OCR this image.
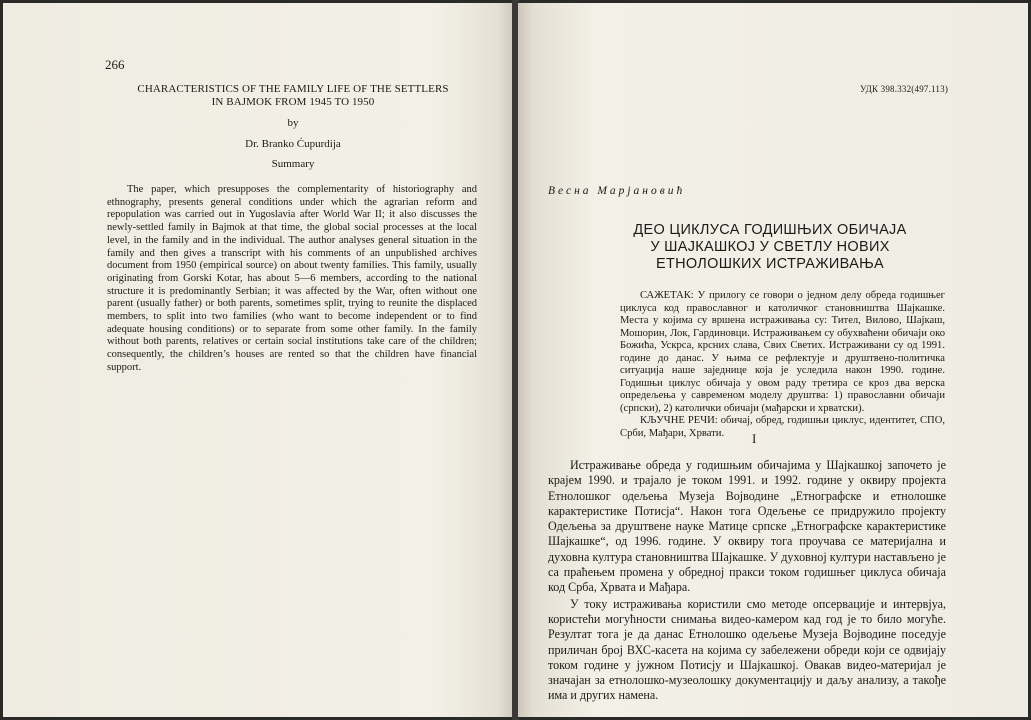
266
CHARACTERISTICS OF THE FAMILY LIFE OF THE SETTLERS
IN BAJMOK FROM 1945 TO 1950
by
Dr. Branko Ćupurdija
Summary

The paper, which presupposes the complementarity of historiography and ethnography, presents general conditions under which the agrarian reform and repopulation was carried out in Yugoslavia after World War II; it also discusses the newly-settled family in Bajmok at that time, the global social processes at the local level, in the family and in the individual. The author analyses general situation in the family and then gives a transcript with his comments of an unpublished archives document from 1950 (empirical source) on about twenty families. This family, usually originating from Gorski Kotar, has about 5—6 members, according to the national structure it is predominantly Serbian; it was affected by the War, often without one parent (usually father) or both parents, sometimes split, trying to reunite the displaced members, to split into two families (who want to become independent or to find adequate housing conditions) or to separate from some other family. In the family without both parents, relatives or certain social institutions take care of the children; consequently, the children’s houses are rented so that the children have financial support.

УДК 398.332(497.113)
Весна Марјановић
ДЕО ЦИКЛУСА ГОДИШЊИХ ОБИЧАЈА
У ШАЈКАШКОЈ У СВЕТЛУ НОВИХ
ЕТНОЛОШКИХ ИСТРАЖИВАЊА

САЖЕТАК: У прилогу се говори о једном делу обреда годишњег циклуса код православног и католичког становништва Шајкашке. Места у којима су вршена истраживања су: Тител, Вилово, Шајкаш, Мошорин, Лок, Гардиновци. Истраживањем су обухваћени обичаји око Божића, Ускрса, крсних слава, Свих Светих. Истраживани су од 1991. године до данас. У њима се рефлектује и друштвено-политичка ситуација наше заједнице која је уследила након 1990. године. Годишњи циклус обичаја у овом раду третира се кроз два верска опредељења у савременом моделу друштва: 1) православни обичаји (српски), 2) католички обичаји (мађарски и хрватски).

КЉУЧНЕ РЕЧИ: обичај, обред, годишњи циклус, идентитет, СПО, Срби, Мађари, Хрвати.	I

Истраживање обреда у годишњим обичајима у Шајкашкој започето је крајем 1990. и трајало је током 1991. и 1992. године у оквиру пројекта Етнолошког одељења Музеја Војводине „Етнографске и етнолошке карактеристике Потисја“. Након тога Одељење се придружило пројекту Одељења за друштвене науке Матице српске „Етнографске карактеристике Шајкашке“, од 1996. године. У оквиру тога проучава се материјална и духовна култура становништва Шајкашке. У духовној култури настављено је са праћењем промена у обредној пракси током годишњег циклуса обичаја код Срба, Хрвата и Мађара.

У току истраживања користили смо методе опсервације и интервјуа, користећи могућности снимања видео-камером кад год је то било могуће. Резултат тога је да данас Етнолошко одељење Музеја Војводине поседује приличан број ВХС-касета на којима су забележени обреди који се одвијају током године у јужном Потисју и Шајкашкој. Овакав видео-материјал је значајан за етнолошко-музеолошку документацију и даљу анализу, а такође има и других намена.
